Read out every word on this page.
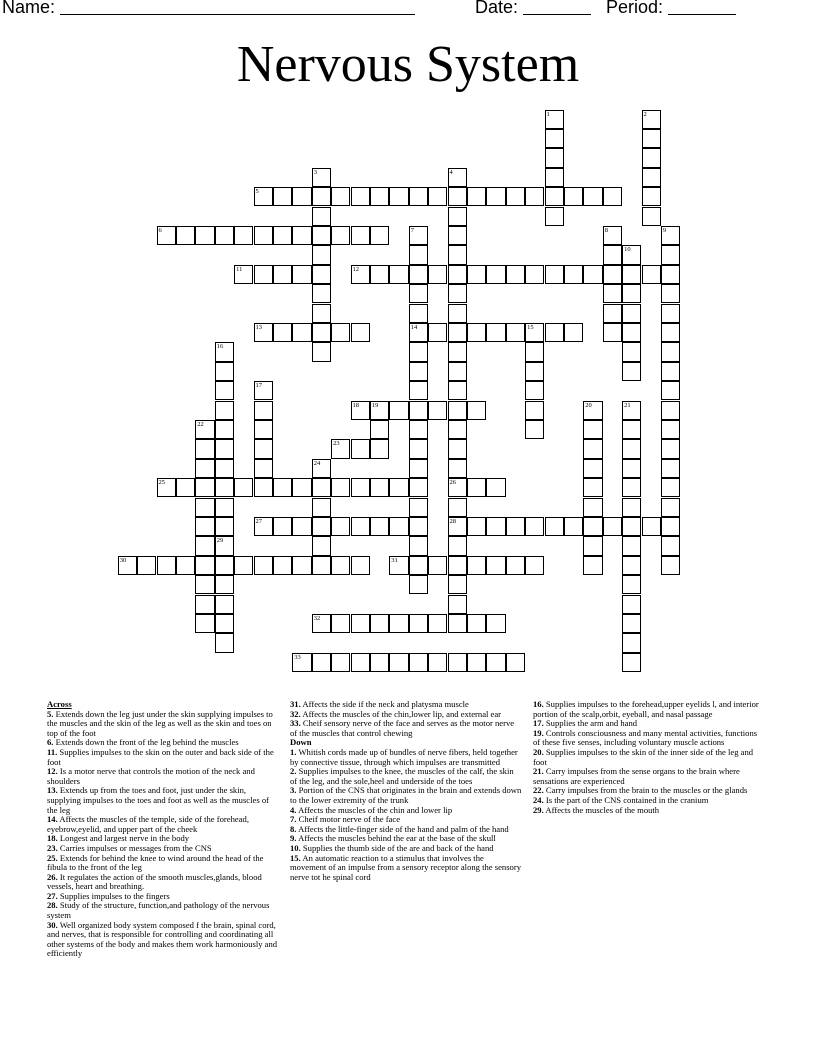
Name:	Date:	Period:
Nervous System
1	2
3	4
26
28
5
6	7
14
8	9
10
11	12
13	15
16
17
18 19	20	21
22
23
24
25
27
29
30	31
32
33

Across

5. Extends down the leg just under the skin supplying impulses to the muscles and the skin of the leg as well as the skin and toes on top of the foot

6. Extends down the front of the leg behind the muscles

11. Supplies impulses to the skin on the outer and back side of the foot

12. Is a motor nerve that controls the motion of the neck and shoulders

13. Extends up from the toes and foot, just under the skin, supplying impulses to the toes and foot as well as the muscles of the leg

14. Affects the muscles of the temple, side of the forehead, eyebrow,eyelid, and upper part of the cheek

18. Longest and largest nerve in the body

23. Carries impulses or messages from the CNS

25. Extends for behind the knee to wind around the head of the fibula to the front of the leg

26. It regulates the action of the smooth muscles,glands, blood vessels, heart and breathing.

27. Supplies impulses to the fingers

28. Study of the structure, function,and pathology of the nervous system

30. Well organized body system composed f the brain, spinal cord, and nerves, that is responsible for controlling and coordinating all other systems of the body and makes them work harmoniously and efficiently

31. Affects the side if the neck and platysma muscle

32. Affects the muscles of the chin,lower lip, and external ear

33. Cheif sensory nerve of the face and serves as the motor nerve of the muscles that control chewing

Down

1. Whitish cords made up of bundles of nerve fibers, held together by connective tissue, through which impulses are transmitted

2. Supplies impulses to the knee, the muscles of the calf, the skin of the leg, and the sole,heel and underside of the toes

3. Portion of the CNS that originates in the brain and extends down to the lower extremity of the trunk

4. Affects the muscles of the chin and lower lip

7. Cheif motor nerve of the face

8. Affects the little-finger side of the hand and palm of the hand

9. Affects the muscles behind the ear at the base of the skull

10. Supplies the thumb side of the are and back of the hand

15. An automatic reaction to a stimulus that involves the movement of an impulse from a sensory receptor along the sensory nerve tot he spinal cord

16. Supplies impulses to the forehead,upper eyelids l, and interior portion of the scalp,orbit, eyeball, and nasal passage

17. Supplies the arm and hand

19. Controls consciousness and many mental activities, functions of these five senses, including voluntary muscle actions

20. Supplies impulses to the skin of the inner side of the leg and foot

21. Carry impulses from the sense organs to the brain where sensations are experienced

22. Carry impulses from the brain to the muscles or the glands

24. Is the part of the CNS contained in the cranium

29. Affects the muscles of the mouth
